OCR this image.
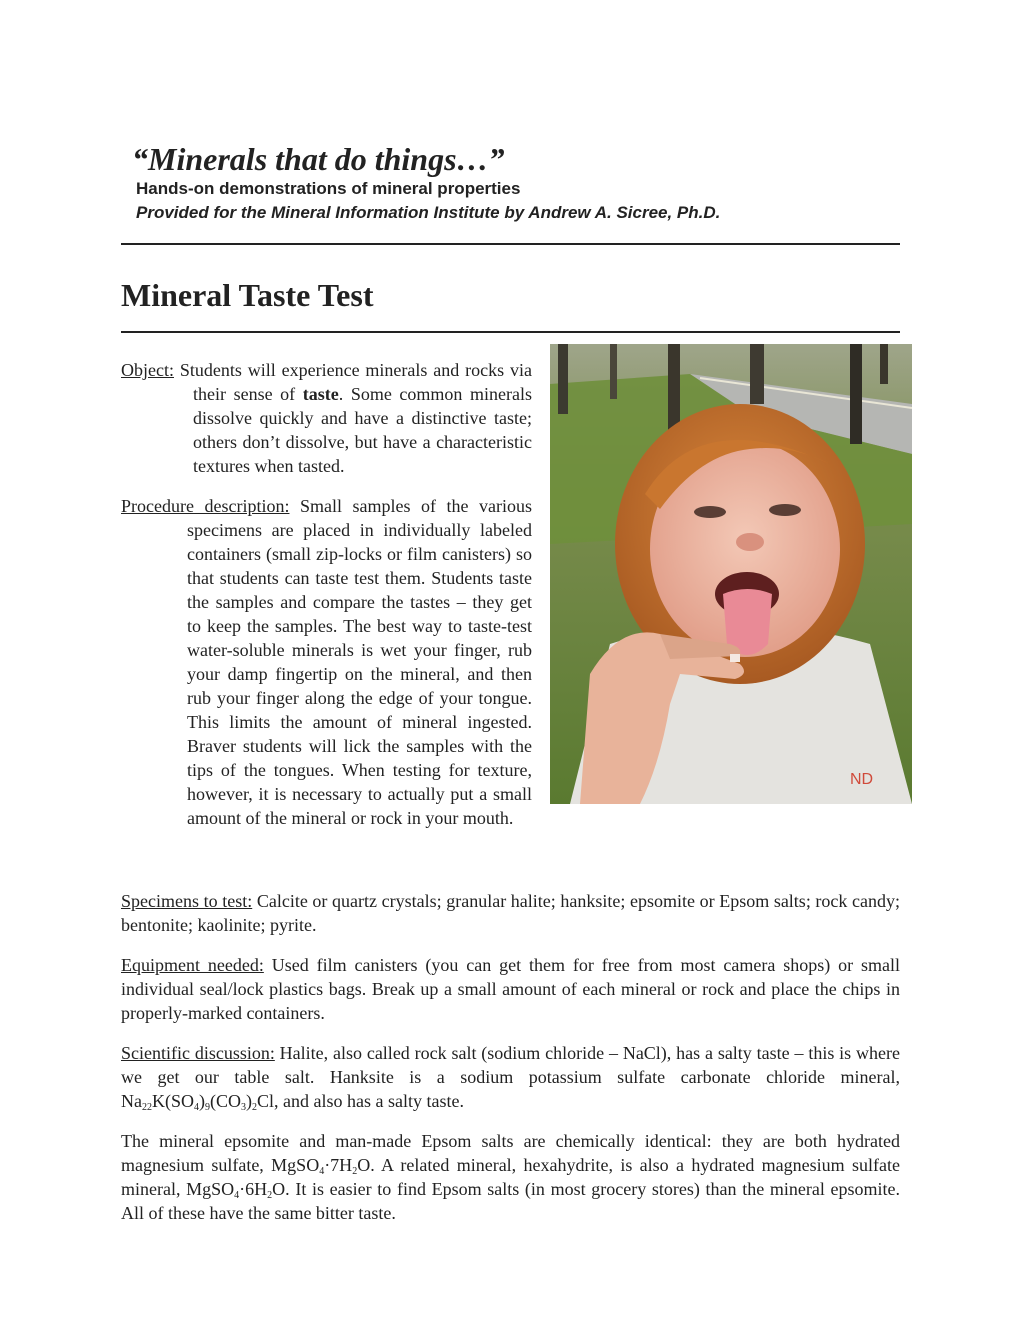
“Minerals that do things…”

Hands-on demonstrations of mineral properties

Provided for the Mineral Information Institute by Andrew A. Sicree, Ph.D.

Mineral Taste Test
ND
Object: Students will experience minerals and rocks via their sense of taste. Some common minerals dissolve quickly and have a distinctive taste; others don’t dissolve, but have a characteristic textures when tasted.
Procedure description: Small samples of the various specimens are placed in individually labeled containers (small zip-locks or film canisters) so that students can taste test them. Students taste the samples and compare the tastes – they get to keep the samples. The best way to taste-test water-soluble minerals is wet your finger, rub your damp fingertip on the mineral, and then rub your finger along the edge of your tongue. This limits the amount of mineral ingested. Braver students will lick the samples with the tips of the tongues. When testing for texture, however, it is necessary to actually put a small amount of the mineral or rock in your mouth.

Specimens to test: Calcite or quartz crystals; granular halite; hanksite; epsomite or Epsom salts; rock candy; bentonite; kaolinite; pyrite.

Equipment needed: Used film canisters (you can get them for free from most camera shops) or small individual seal/lock plastics bags. Break up a small amount of each mineral or rock and place the chips in properly-marked containers.

Scientific discussion: Halite, also called rock salt (sodium chloride – NaCl), has a salty taste – this is where we get our table salt. Hanksite is a sodium potassium sulfate carbonate chloride mineral, $Na_{22}K(SO_4)_9(CO_3)_2Cl$, and also has a salty taste.

The mineral epsomite and man-made Epsom salts are chemically identical: they are both hydrated magnesium sulfate, $MgSO_4\cdot 7H_2O$. A related mineral, hexahydrite, is also a hydrated magnesium sulfate mineral, $MgSO_4\cdot 6H_2O$. It is easier to find Epsom salts (in most grocery stores) than the mineral epsomite. All of these have the same bitter taste.
